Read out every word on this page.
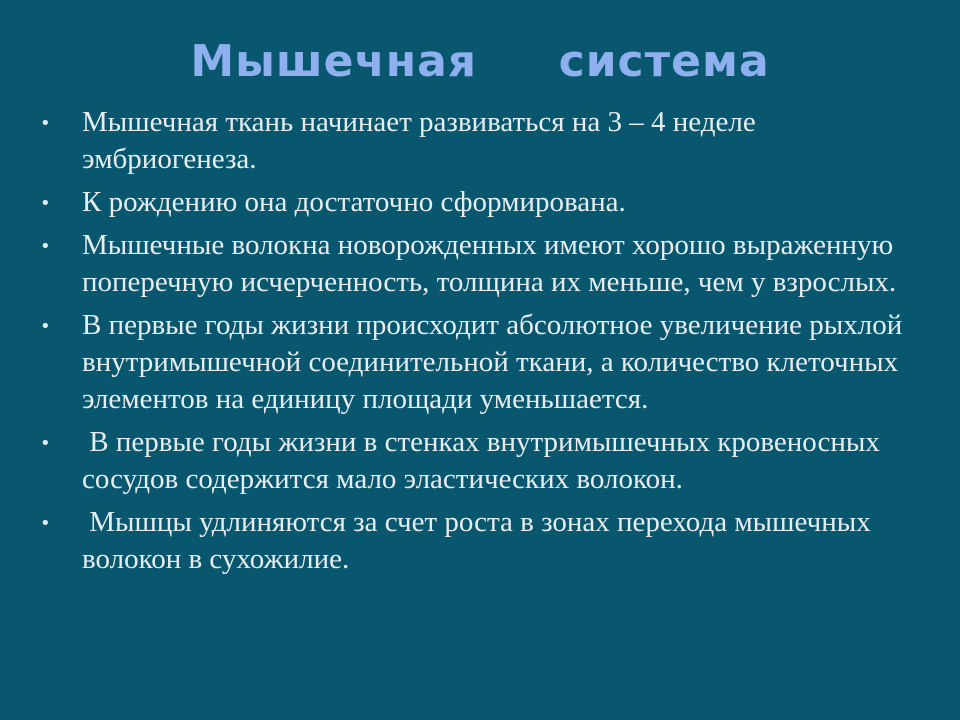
Мышечная     система
•	Мышечная ткань начинает развиваться на 3 – 4 неделе эмбриогенеза.
•	К рождению она достаточно сформирована.
•	Мышечные волокна новорожденных имеют хорошо выраженную поперечную исчерченность, толщина их меньше, чем у взрослых.
•	В первые годы жизни происходит абсолютное увеличение рыхлой внутримышечной соединительной ткани, а количество клеточных элементов на единицу площади уменьшается.
•	В первые годы жизни в стенках внутримышечных кровеносных сосудов содержится мало эластических волокон.
•	Мышцы удлиняются за счет роста в зонах перехода мышечных волокон в сухожилие.
